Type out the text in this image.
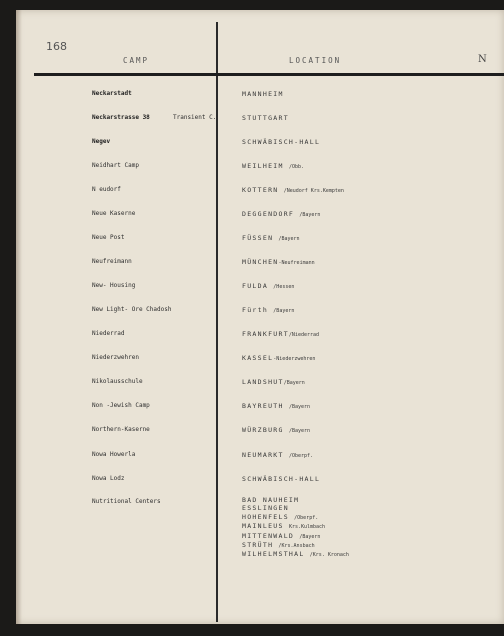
168
CAMP	LOCATION	N
Neckarstadt	MANNHEIM
Neckarstrasse 38	Transient C.	STUTTGART
Negev	SCHWÄBISCH-HALL
Neidhart Camp	WEILHEIM /Obb.
N eudorf	KOTTERN /Neudorf Krs.Kempten
Neue Kaserne	DEGGENDORF /Bayern
Neue Post	FÜSSEN /Bayern
Neufreimann	MÜNCHEN-Neufreimann
New- Housing	FULDA /Hessen
New Light- Ore Chadosh	Fürth /Bayern
Niederrad	FRANKFURT/Niederrad
Niederzwehren	KASSEL-Niederzwehren
Nikolausschule	LANDSHUT/Bayern
Non -Jewish Camp	BAYREUTH /Bayern
Northern-Kaserne	WÜRZBURG /Bayern
Nowa Howerla	NEUMARKT /Oberpf.
Nowa Lodz	SCHWÄBISCH-HALL
Nutritional Centers	BAD NAUHEIM
ESSLINGEN
HOHENFELS /Oberpf.
MAINLEUS Krs.Kulmbach
MITTENWALD /Bayern
STRÜTH /Krs.Ansbach
WILHELMSTHAL /Krs. Kronach
